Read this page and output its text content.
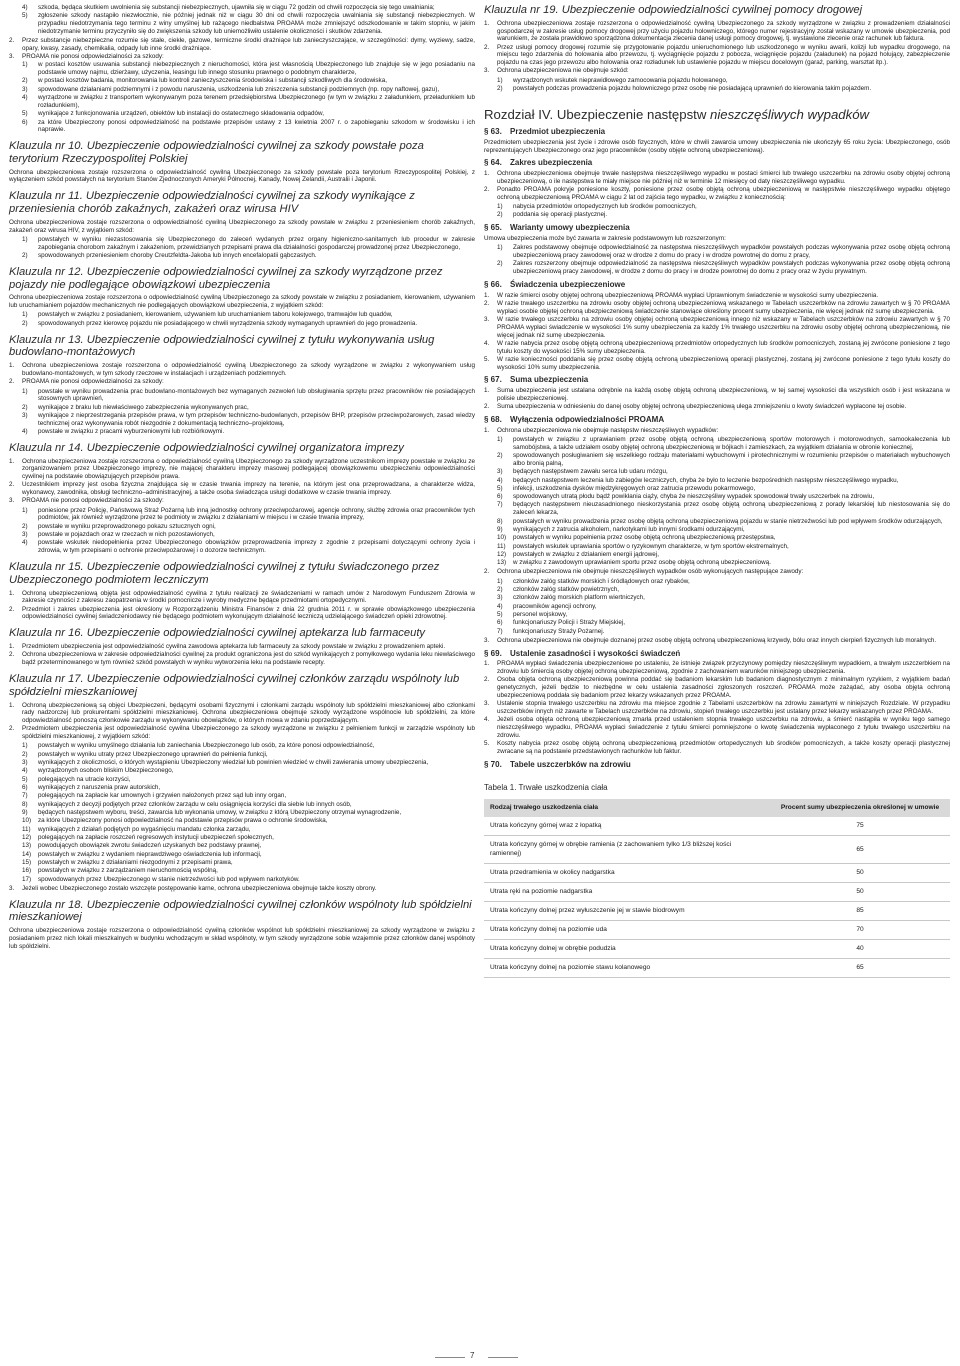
4)	szkoda, będąca skutkiem uwolnienia się substancji niebezpiecznych, ujawniła się w ciągu 72 godzin od chwili rozpoczęcia się tego uwalniania;
5)	zgłoszenie szkody nastąpiło niezwłocznie, nie później jednak niż w ciągu 30 dni od chwili rozpoczęcia uwalniania się substancji niebezpiecznych. W przypadku niedotrzymania tego terminu z winy umyślnej lub rażącego niedbalstwa PROAMA może zmniejszyć odszkodowanie w takim stopniu, w jakim niedotrzymanie terminu przyczyniło się do zwiększenia szkody lub uniemożliwiło ustalenie okoliczności i skutków zdarzenia.
2.	Przez substancje niebezpieczne rozumie się stałe, ciekłe, gazowe, termiczne środki drażniące lub zanieczyszczające, w szczególności: dymy, wyziewy, sadze, opary, kwasy, zasady, chemikalia, odpady lub inne środki drażniące.
3.	PROAMA nie ponosi odpowiedzialności za szkody:
1)	w postaci kosztów usuwania substancji niebezpiecznych z nieruchomości, która jest własnością Ubezpieczonego lub znajduje się w jego posiadaniu na podstawie umowy najmu, dzierżawy, użyczenia, leasingu lub innego stosunku prawnego o podobnym charakterze,
2)	w postaci kosztów badania, monitorowania lub kontroli zanieczyszczenia środowiska i substancji szkodliwych dla środowiska,
3)	spowodowane działaniami podziemnymi i z powodu naruszenia, uszkodzenia lub zniszczenia substancji podziemnych (np. ropy naftowej, gazu),
4)	wyrządzone w związku z transportem wykonywanym poza terenem przedsiębiorstwa Ubezpieczonego (w tym w związku z załadunkiem, przeładunkiem lub rozładunkiem),
5)	wynikające z funkcjonowania urządzeń, obiektów lub instalacji do ostatecznego składowania odpadów,
6)	za które Ubezpieczony ponosi odpowiedzialność na podstawie przepisów ustawy z 13 kwietnia 2007 r. o zapobieganiu szkodom w środowisku i ich naprawie.
Klauzula nr 10. Ubezpieczenie odpowiedzialności cywilnej za szkody powstałe poza terytorium Rzeczypospolitej Polskiej

Ochrona ubezpieczeniowa zostaje rozszerzona o odpowiedzialność cywilną Ubezpieczonego za szkody powstałe poza terytorium Rzeczypospolitej Polskiej, z wyłączeniem szkód powstałych na terytorium Stanów Zjednoczonych Ameryki Północnej, Kanady, Nowej Zelandii, Australii i Japonii.

Klauzula nr 11. Ubezpieczenie odpowiedzialności cywilnej za szkody wynikające z przeniesienia chorób zakaźnych, zakażeń oraz wirusa HIV

Ochrona ubezpieczeniowa zostaje rozszerzona o odpowiedzialność cywilną Ubezpieczonego za szkody powstałe w związku z przeniesieniem chorób zakaźnych, zakażeń oraz wirusa HIV, z wyjątkiem szkód:

1)	powstałych w wyniku niezastosowania się Ubezpieczonego do zaleceń wydanych przez organy higieniczno-sanitarnych lub procedur w zakresie zapobiegania chorobom zakaźnym i zakażeniom, przewidzianych przepisami prawa dla działalności gospodarczej prowadzonej przez Ubezpieczonego,
2)	spowodowanych przeniesieniem choroby Creutzfeldta-Jakoba lub innych encefalopatii gąbczastych.
Klauzula nr 12. Ubezpieczenie odpowiedzialności cywilnej za szkody wyrządzone przez pojazdy nie podlegające obowiązkowi ubezpieczenia

Ochrona ubezpieczeniowa zostaje rozszerzona o odpowiedzialność cywilną Ubezpieczonego za szkody powstałe w związku z posiadaniem, kierowaniem, używaniem lub uruchamianiem pojazdów mechanicznych nie podlegających obowiązkowi ubezpieczenia, z wyjątkiem szkód:

1)	powstałych w związku z posiadaniem, kierowaniem, używaniem lub uruchamianiem taboru kolejowego, tramwajów lub quadów,
2)	spowodowanych przez kierowcę pojazdu nie posiadającego w chwili wyrządzenia szkody wymaganych uprawnień do jego prowadzenia.
Klauzula nr 13. Ubezpieczenie odpowiedzialności cywilnej z tytułu wykonywania usług budowlano-montażowych
1.	Ochrona ubezpieczeniowa zostaje rozszerzona o odpowiedzialność cywilną Ubezpieczonego za szkody wyrządzone w związku z wykonywaniem usług budowlano-montażowych, w tym szkody rzeczowe w instalacjach i urządzeniach podziemnych.
2.	PROAMA nie ponosi odpowiedzialności za szkody:
1)	powstałe w wyniku prowadzenia prac budowlano-montażowych bez wymaganych zezwoleń lub obsługiwania sprzętu przez pracowników nie posiadających stosownych uprawnień,
2)	wynikające z braku lub niewłaściwego zabezpieczenia wykonywanych prac,
3)	wynikające z nieprzestrzegania przepisów prawa, w tym przepisów techniczno-budowlanych, przepisów BHP, przepisów przeciwpożarowych, zasad wiedzy technicznej oraz wykonywania robót niezgodnie z dokumentacją techniczno–projektową,
4)	powstałe w związku z pracami wyburzeniowymi lub rozbiórkowymi.
Klauzula nr 14. Ubezpieczenie odpowiedzialności cywilnej organizatora imprezy
1.	Ochrona ubezpieczeniowa zostaje rozszerzona o odpowiedzialność cywilną Ubezpieczonego za szkody wyrządzone uczestnikom imprezy powstałe w związku ze zorganizowaniem przez Ubezpieczonego imprezy, nie mającej charakteru imprezy masowej podlegającej obowiązkowemu ubezpieczeniu odpowiedzialności cywilnej na podstawie obowiązujących przepisów prawa.
2.	Uczestnikiem imprezy jest osoba fizyczna znajdująca się w czasie trwania imprezy na terenie, na którym jest ona przeprowadzana, a charakterze widza, wykonawcy, zawodnika, obsługi techniczno–administracyjnej, a także osoba świadcząca usługi dodatkowe w czasie trwania imprezy.
3.	PROAMA nie ponosi odpowiedzialności za szkody:
1)	poniesione przez Policję, Państwową Straż Pożarną lub inną jednostkę ochrony przeciwpożarowej, agencje ochrony, służbę zdrowia oraz pracowników tych podmiotów, jak również wyrządzone przez te podmioty w związku z działaniami w miejscu i w czasie trwania imprezy,
2)	powstałe w wyniku przeprowadzonego pokazu sztucznych ogni,
3)	powstałe w pojazdach oraz w rzeczach w nich pozostawionych,
4)	powstałe wskutek niedopełnienia przez Ubezpieczonego obowiązków przeprowadzenia imprezy z zgodnie z przepisami dotyczącymi ochrony życia i zdrowia, w tym przepisami o ochronie przeciwpożarowej i o dozorze technicznym.
Klauzula nr 15. Ubezpieczenie odpowiedzialności cywilnej z tytułu świadczonego przez Ubezpieczonego podmiotem leczniczym
1.	Ochroną ubezpieczeniową objęta jest odpowiedzialność cywilna z tytułu realizacji ze świadczeniami w ramach umów z Narodowym Funduszem Zdrowia w zakresie czynności z zakresu zaopatrzenia w środki pomocnicze i wyroby medyczne będące przedmiotami ortopedycznymi.
2.	Przedmiot i zakres ubezpieczenia jest określony w Rozporządzeniu Ministra Finansów z dnia 22 grudnia 2011 r. w sprawie obowiązkowego ubezpieczenia odpowiedzialności cywilnej świadczeniodawcy nie będącego podmiotem wykonującym działalność leczniczą udzielającego świadczeń opieki zdrowotnej.
Klauzula nr 16. Ubezpieczenie odpowiedzialności cywilnej aptekarza lub farmaceuty
1.	Przedmiotem ubezpieczenia jest odpowiedzialność cywilna zawodowa aptekarza lub farmaceuty za szkody powstałe w związku z prowadzeniem apteki.
2.	Ochrona ubezpieczeniowa w zakresie odpowiedzialności cywilnej za produkt ograniczona jest do szkód wynikających z pomyłkowego wydania leku niewłaściwego bądź przeterminowanego w tym również szkód powstałych w wyniku wytworzenia leku na podstawie recepty.
Klauzula nr 17. Ubezpieczenie odpowiedzialności cywilnej członków zarządu wspólnoty lub spółdzielni mieszkaniowej
1.	Ochroną ubezpieczeniową są objęci Ubezpieczeni, będącymi osobami fizycznymi i członkami zarządu wspólnoty lub spółdzielni mieszkaniowej albo członkami rady nadzorczej lub prokurentami spółdzielni mieszkaniowej. Ochrona ubezpieczeniowa obejmuje szkody wyrządzone wspólnocie lub spółdzielni, za które odpowiedzialność ponoszą członkowie zarządu w wykonywaniu obowiązków, o których mowa w zdaniu poprzedzającym.
2.	Przedmiotem ubezpieczenia jest odpowiedzialność cywilna Ubezpieczonego za szkody wyrządzone w związku z pełnieniem funkcji w zarządzie wspólnoty lub spółdzielni mieszkaniowej, z wyjątkiem szkód:
1)	powstałych w wyniku umyślnego działania lub zaniechania Ubezpieczonego lub osób, za które ponosi odpowiedzialność,
2)	powstałych w wyniku utraty przez Ubezpieczonego uprawnień do pełnienia funkcji,
3)	wynikających z okoliczności, o których wystąpieniu Ubezpieczony wiedział lub powinien wiedzieć w chwili zawierania umowy ubezpieczenia,
4)	wyrządzonych osobom bliskim Ubezpieczonego,
5)	polegających na utracie korzyści,
6)	wynikających z naruszenia praw autorskich,
7)	polegających na zapłacie kar umownych i grzywien nałożonych przez sąd lub inny organ,
8)	wynikających z decyzji podjętych przez członków zarządu w celu osiągnięcia korzyści dla siebie lub innych osób,
9)	będących następstwem wyboru, treści, zawarcia lub wykonania umowy, w związku z którą Ubezpieczony otrzymał wynagrodzenie,
10)	za które Ubezpieczony ponosi odpowiedzialność na podstawie przepisów prawa o ochronie środowiska,
11)	wynikających z działań podjętych po wygaśnięciu mandatu członka zarządu,
12)	polegających na zapłacie roszczeń regresowych instytucji ubezpieczeń społecznych,
13)	powodujących obowiązek zwrotu świadczeń uzyskanych bez podstawy prawnej,
14)	powstałych w związku z wydaniem nieprawdziwego oświadczenia lub informacji,
15)	powstałych w związku z działaniami niezgodnymi z przepisami prawa,
16)	powstałych w związku z zarządzaniem nieruchomością wspólną,
17)	spowodowanych przez Ubezpieczonego w stanie nietrzeźwości lub pod wpływem narkotyków.
3.	Jeżeli wobec Ubezpieczonego zostało wszczęte postępowanie karne, ochrona ubezpieczeniowa obejmuje także koszty obrony.
Klauzula nr 18. Ubezpieczenie odpowiedzialności cywilnej członków wspólnoty lub spółdzielni mieszkaniowej

Ochrona ubezpieczeniowa zostaje rozszerzona o odpowiedzialność cywilną członków wspólnot lub spółdzielni mieszkaniowej za szkody wyrządzone w związku z posiadaniem przez nich lokali mieszkalnych w budynku wchodzącym w skład wspólnoty, w tym szkody wyrządzone sobie wzajemnie przez członków danej wspólnoty lub spółdzielni.

Klauzula nr 19. Ubezpieczenie odpowiedzialności cywilnej pomocy drogowej
1.	Ochrona ubezpieczeniowa zostaje rozszerzona o odpowiedzialność cywilną Ubezpieczonego za szkody wyrządzone w związku z prowadzeniem działalności gospodarczej w zakresie usług pomocy drogowej przy użyciu pojazdu holowniczego, którego numer rejestracyjny został wskazany w umowie ubezpieczenia, pod warunkiem, że została prawidłowo sporządzona dokumentacja zlecenia danej usługi pomocy drogowej, tj. wystawione zlecenie oraz rachunek lub faktura.
2.	Przez usługi pomocy drogowej rozumie się przygotowanie pojazdu unieruchomionego lub uszkodzonego w wyniku awarii, kolizji lub wypadku drogowego, na miejscu tego zdarzenia do holowania albo przewozu, tj. wyciągnięcie pojazdu z pobocza, wciągnięcie pojazdu (załadunek) na pojazd holujący, zabezpieczenie pojazdu na czas jego przewozu albo holowania oraz rozładunek lub ustawienie pojazdu w miejscu docelowym (garaż, parking, warsztat itp.).
3.	Ochrona ubezpieczeniowa nie obejmuje szkód:
1)	wyrządzonych wskutek nieprawidłowego zamocowania pojazdu holowanego,
2)	powstałych podczas prowadzenia pojazdu holowniczego przez osobę nie posiadającą uprawnień do kierowania takim pojazdem.
Rozdział IV. Ubezpieczenie następstw nieszczęśliwych wypadków
§ 63.	Przedmiot ubezpieczenia

Przedmiotem ubezpieczenia jest życie i zdrowie osób fizycznych, które w chwili zawarcia umowy ubezpieczenia nie ukończyły 65 roku życia: Ubezpieczonego, osób reprezentujących Ubezpieczonego oraz jego pracowników (osoby objęte ochroną ubezpieczeniową).

§ 64.	Zakres ubezpieczenia
1.	Ochrona ubezpieczeniowa obejmuje trwałe następstwa nieszczęśliwego wypadku w postaci śmierci lub trwałego uszczerbku na zdrowiu osoby objętej ochroną ubezpieczeniową, o ile następstwa te miały miejsce nie później niż w terminie 12 miesięcy od daty nieszczęśliwego wypadku.
2.	Ponadto PROAMA pokryje poniesione koszty, poniesione przez osobę objętą ochroną ubezpieczeniową w następstwie nieszczęśliwego wypadku objętego ochroną ubezpieczeniową PROAMA w ciągu 2 lat od zajścia tego wypadku, w związku z koniecznością:
1)	nabycia przedmiotów ortopedycznych lub środków pomocniczych,
2)	poddania się operacji plastycznej.
§ 65.	Warianty umowy ubezpieczenia

Umowa ubezpieczenia może być zawarta w zakresie podstawowym lub rozszerzonym:

1)	Zakres podstawowy obejmuje odpowiedzialność za następstwa nieszczęśliwych wypadków powstałych podczas wykonywania przez osobę objętą ochroną ubezpieczeniową pracy zawodowej oraz w drodze z domu do pracy i w drodze powrotnej do domu z pracy,
2)	Zakres rozszerzony obejmuje odpowiedzialność za następstwa nieszczęśliwych wypadków powstałych podczas wykonywania przez osobę objętą ochroną ubezpieczeniową pracy zawodowej, w drodze z domu do pracy i w drodze powrotnej do domu z pracy oraz w życiu prywatnym.
§ 66.	Świadczenia ubezpieczeniowe
1.	W razie śmierci osoby objętej ochroną ubezpieczeniową PROAMA wypłaci Uprawnionym świadczenie w wysokości sumy ubezpieczenia.
2.	W razie trwałego uszczerbku na zdrowiu osoby objętej ochroną ubezpieczeniową wskazanego w Tabelach uszczerbków na zdrowiu zawartych w § 70 PROAMA wypłaci osobie objętej ochroną ubezpieczeniową świadczenie stanowiące określony procent sumy ubezpieczenia, nie więcej jednak niż sumę ubezpieczenia.
3.	W razie trwałego uszczerbku na zdrowiu osoby objętej ochroną ubezpieczeniową innego niż wskazany w Tabelach uszczerbków na zdrowiu zawartych w § 70 PROAMA wypłaci świadczenie w wysokości 1% sumy ubezpieczenia za każdy 1% trwałego uszczerbku na zdrowiu osoby objętej ochroną ubezpieczeniową, nie więcej jednak niż sumę ubezpieczenia.
4.	W razie nabycia przez osobę objętą ochroną ubezpieczeniową przedmiotów ortopedycznych lub środków pomocniczych, zostaną jej zwrócone poniesione z tego tytułu koszty do wysokości 15% sumy ubezpieczenia.
5.	W razie konieczności poddania się przez osobę objętą ochroną ubezpieczeniową operacji plastycznej, zostaną jej zwrócone poniesione z tego tytułu koszty do wysokości 10% sumy ubezpieczenia.
§ 67.	Suma ubezpieczenia
1.	Suma ubezpieczenia jest ustalana odrębnie na każdą osobę objętą ochroną ubezpieczeniową, w tej samej wysokości dla wszystkich osób i jest wskazana w polisie ubezpieczeniowej.
2.	Suma ubezpieczenia w odniesieniu do danej osoby objętej ochroną ubezpieczeniową ulega zmniejszeniu o kwoty świadczeń wypłacone tej osobie.
§ 68.	Wyłączenia odpowiedzialności PROAMA
1.	Ochrona ubezpieczeniowa nie obejmuje następstw nieszczęśliwych wypadków:
1)	powstałych w związku z uprawianiem przez osobę objętą ochroną ubezpieczeniową sportów motorowych i motorowodnych, samookaleczenia lub samobójstwa, a także udziałem osoby objętej ochroną ubezpieczeniową w bójkach i zamieszkach, za wyjątkiem działania w obronie koniecznej,
2)	spowodowanych posługiwaniem się wszelkiego rodzaju materiałami wybuchowymi i pirotechnicznymi w rozumieniu przepisów o materiałach wybuchowych albo bronią palną,
3)	będących następstwem zawału serca lub udaru mózgu,
4)	będących następstwem leczenia lub zabiegów leczniczych, chyba że było to leczenie bezpośrednich następstw nieszczęśliwego wypadku,
5)	infekcji, uszkodzenia dysków międzykręgowych oraz zatrucia przewodu pokarmowego,
6)	spowodowanych utratą płodu bądź powikłania ciąży, chyba że nieszczęśliwy wypadek spowodował trwały uszczerbek na zdrowiu,
7)	będących następstwem nieuzasadnionego nieskorzystania przez osobę objętą ochroną ubezpieczeniową z porady lekarskiej lub niestosowania się do zaleceń lekarza,
8)	powstałych w wyniku prowadzenia przez osobę objętą ochroną ubezpieczeniową pojazdu w stanie nietrzeźwości lub pod wpływem środków odurzających,
9)	wynikających z zatrucia alkoholem, narkotykami lub innymi środkami odurzającymi,
10)	powstałych w wyniku popełnienia przez osobę objętą ochroną ubezpieczeniową przestępstwa,
11)	powstałych wskutek uprawiania sportów o ryzykownym charakterze, w tym sportów ekstremalnych,
12)	powstałych w związku z działaniem energii jądrowej,
13)	w związku z zawodowym uprawianiem sportu przez osobę objętą ochroną ubezpieczeniową.
2.	Ochrona ubezpieczeniowa nie obejmuje nieszczęśliwych wypadków osób wykonujących następujące zawody:
1)	członków załóg statków morskich i śródlądowych oraz rybaków,
2)	członków załóg statków powietrznych,
3)	członków załóg morskich platform wiertniczych,
4)	pracowników agencji ochrony,
5)	personel wojskowy,
6)	funkcjonariuszy Policji i Straży Miejskiej,
7)	funkcjonariuszy Straży Pożarnej.
3.	Ochrona ubezpieczeniowa nie obejmuje doznanej przez osobę objętą ochroną ubezpieczeniową krzywdy, bólu oraz innych cierpień fizycznych lub moralnych.
§ 69.	Ustalenie zasadności i wysokości świadczeń
1.	PROAMA wypłaci świadczenia ubezpieczeniowe po ustaleniu, że istnieje związek przyczynowy pomiędzy nieszczęśliwym wypadkiem, a trwałym uszczerbkiem na zdrowiu lub śmiercią osoby objętej ochroną ubezpieczeniową, zgodnie z zachowaniem warunków niniejszego ubezpieczenia.
2.	Osoba objęta ochroną ubezpieczeniową powinna poddać się badaniom lekarskim lub badaniom diagnostycznym z minimalnym ryzykiem, z wyjątkiem badań genetycznych, jeżeli będzie to niezbędne w celu ustalenia zasadności zgłoszonych roszczeń. PROAMA może zażądać, aby osoba objęta ochroną ubezpieczeniową poddała się badaniom przez lekarzy wskazanych przez PROAMA.
3.	Ustalenie stopnia trwałego uszczerbku na zdrowiu ma miejsce zgodnie z Tabelami uszczerbków na zdrowiu zawartymi w niniejszych Rozdziale. W przypadku uszczerbków innych niż zawarte w Tabelach uszczerbków na zdrowiu, stopień trwałego uszczerbku jest ustalany przez lekarzy wskazanych przez PROAMA.
4.	Jeżeli osoba objęta ochroną ubezpieczeniową zmarła przed ustaleniem stopnia trwałego uszczerbku na zdrowiu, a śmierć nastąpiła w wyniku tego samego nieszczęśliwego wypadku, PROAMA wypłaci świadczenie z tytułu śmierci pomniejszone o kwotę świadczenia wypłaconego z tytułu trwałego uszczerbku na zdrowiu.
5.	Koszty nabycia przez osobę objętą ochroną ubezpieczeniową przedmiotów ortopedycznych lub środków pomocniczych, a także koszty operacji plastycznej zwracane są na podstawie przedstawionych rachunków lub faktur.
§ 70.	Tabele uszczerbków na zdrowiu
Tabela 1. Trwałe uszkodzenia ciała
Rodzaj trwałego uszkodzenia ciała	Procent sumy ubezpieczenia określonej w umowie
Utrata kończyny górnej wraz z łopatką	75
Utrata kończyny górnej w obrębie ramienia (z zachowaniem tylko 1/3 bliższej kości ramiennej)	65
Utrata przedramienia w okolicy nadgarstka	50
Utrata ręki na poziomie nadgarstka	50
Utrata kończyny dolnej przez wyłuszczenie jej w stawie biodrowym	85
Utrata kończyny dolnej na poziomie uda	70
Utrata kończyny dolnej w obrębie podudzia	40
Utrata kończyny dolnej na poziomie stawu kolanowego	65
7
